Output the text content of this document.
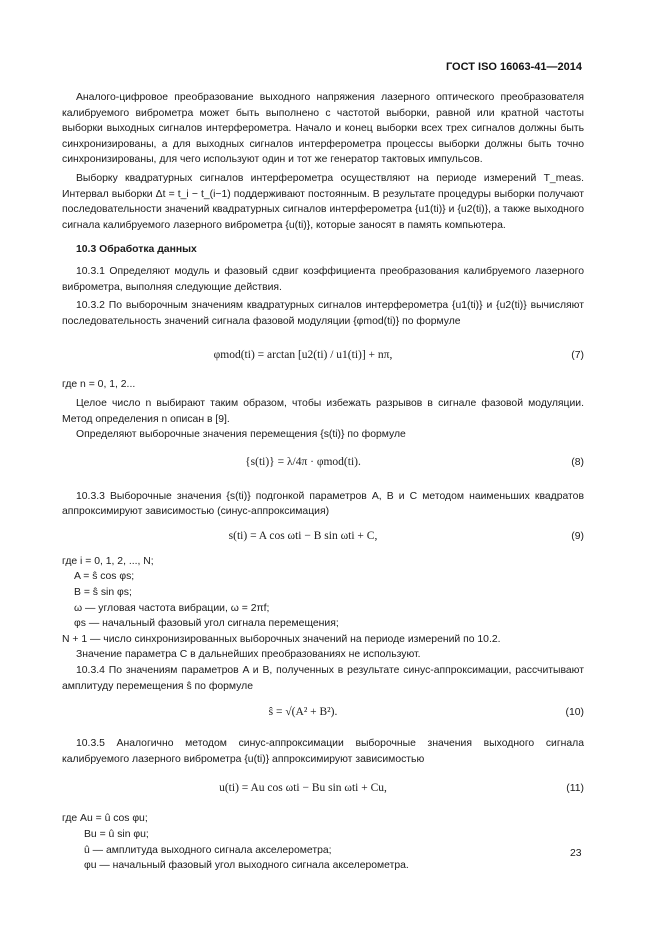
ГОСТ ISO 16063-41—2014

Аналого-цифровое преобразование выходного напряжения лазерного оптического преобразователя калибруемого виброметра может быть выполнено с частотой выборки, равной или кратной частоты выборки выходных сигналов интерферометра. Начало и конец выборки всех трех сигналов должны быть синхронизированы, а для выходных сигналов интерферометра процессы выборки должны быть точно синхронизированы, для чего используют один и тот же генератор тактовых импульсов.

Выборку квадратурных сигналов интерферометра осуществляют на периоде измерений T_meas. Интервал выборки Δt = t_i − t_(i−1) поддерживают постоянным. В результате процедуры выборки получают последовательности значений квадратурных сигналов интерферометра {u1(ti)} и {u2(ti)}, а также выходного сигнала калибруемого лазерного виброметра {u(ti)}, которые заносят в память компьютера.

10.3 Обработка данных

10.3.1 Определяют модуль и фазовый сдвиг коэффициента преобразования калибруемого лазерного виброметра, выполняя следующие действия.

10.3.2 По выборочным значениям квадратурных сигналов интерферометра {u1(ti)} и {u2(ti)} вычисляют последовательность значений сигнала фазовой модуляции {φmod(ti)} по формуле

φmod(ti) = arctan [u2(ti) / u1(ti)] + nπ,	(7)

где n = 0, 1, 2...

Целое число n выбирают таким образом, чтобы избежать разрывов в сигнале фазовой модуляции. Метод определения n описан в [9].

Определяют выборочные значения перемещения {s(ti)} по формуле

{s(ti)} = λ/4π · φmod(ti).	(8)

10.3.3 Выборочные значения {s(ti)} подгонкой параметров A, B и C методом наименьших квадратов аппроксимируют зависимостью (синус-аппроксимация)

s(ti) = A cos ωti − B sin ωti + C,	(9)

где i = 0, 1, 2, ..., N;

A = ŝ cos φs;

B = ŝ sin φs;

ω — угловая частота вибрации, ω = 2πf;

φs — начальный фазовый угол сигнала перемещения;

N + 1 — число синхронизированных выборочных значений на периоде измерений по 10.2.

Значение параметра C в дальнейших преобразованиях не используют.

10.3.4 По значениям параметров A и B, полученных в результате синус-аппроксимации, рассчитывают амплитуду перемещения ŝ по формуле

ŝ = √(A² + B²).	(10)

10.3.5 Аналогично методом синус-аппроксимации выборочные значения выходного сигнала калибруемого лазерного виброметра {u(ti)} аппроксимируют зависимостью

u(ti) = Au cos ωti − Bu sin ωti + Cu,	(11)

где Au = û cos φu;

Bu = û sin φu;

û — амплитуда выходного сигнала акселерометра;

φu — начальный фазовый угол выходного сигнала акселерометра.

23
